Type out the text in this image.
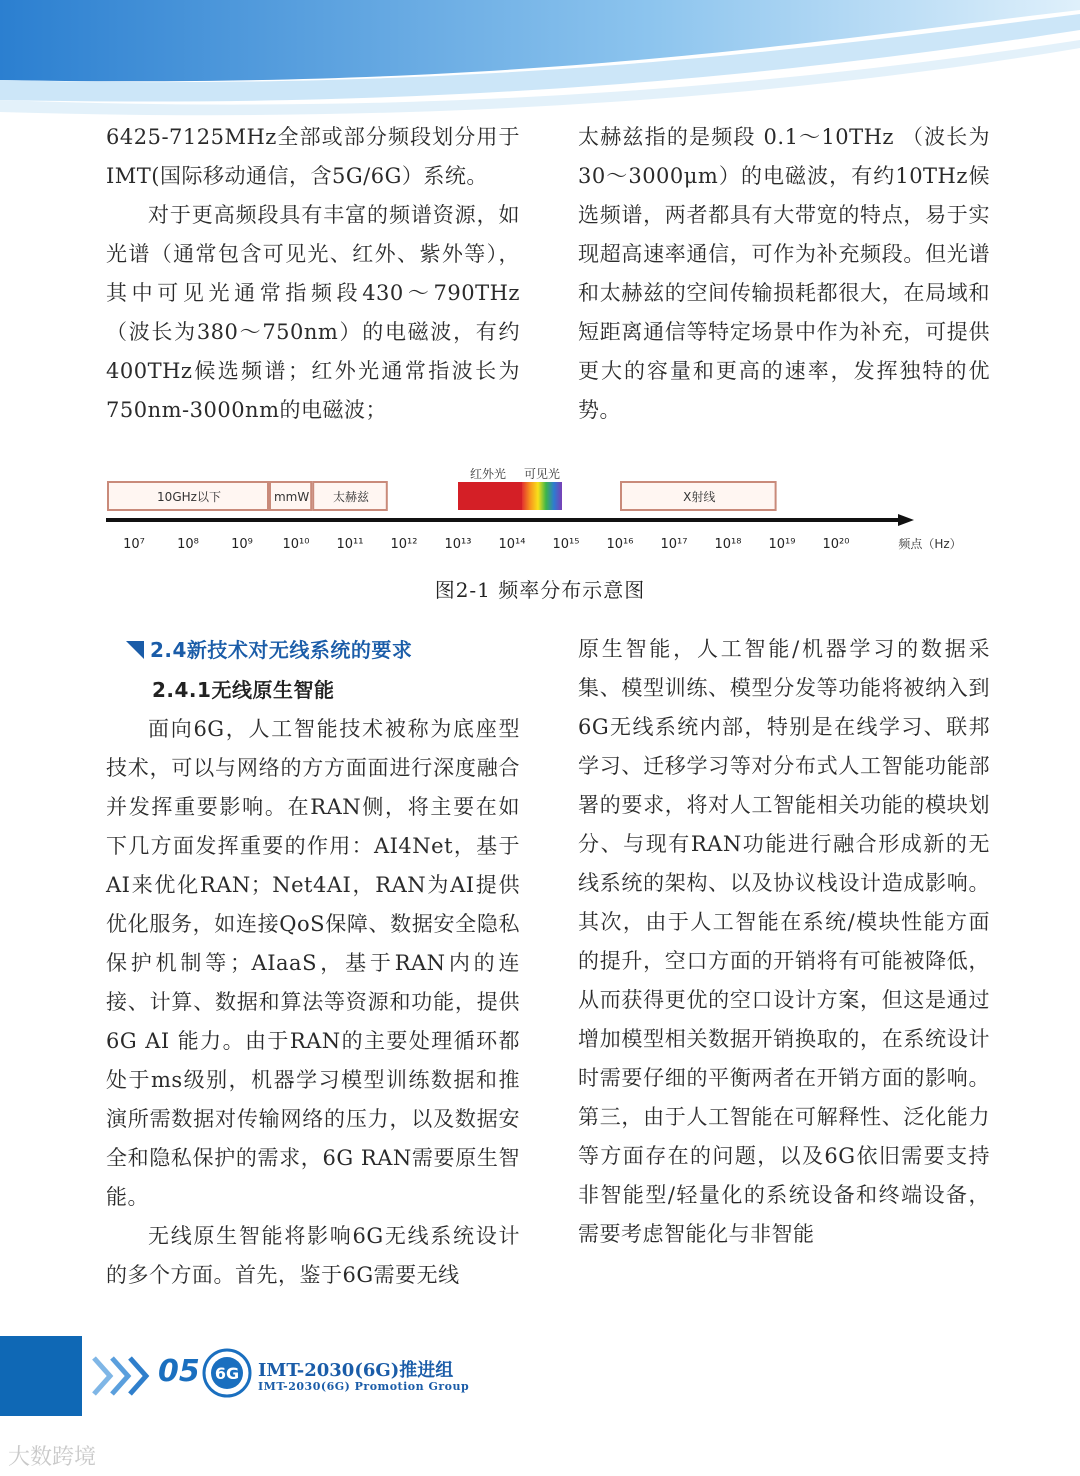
6425-7125MHz全部或部分频段划分用于IMT(国际移动通信，含5G/6G）系统。

对于更高频段具有丰富的频谱资源，如光谱（通常包含可见光、红外、紫外等），其中可见光通常指频段430～790THz （波长为380～750nm）的电磁波，有约400THz候选频谱；红外光通常指波长为750nm-3000nm的电磁波；

太赫兹指的是频段 0.1～10THz （波长为30～3000μm）的电磁波，有约10THz候选频谱，两者都具有大带宽的特点，易于实现超高速率通信，可作为补充频段。但光谱和太赫兹的空间传输损耗都很大，在局域和短距离通信等特定场景中作为补充，可提供更大的容量和更高的速率，发挥独特的优势。

10GHz以下	mmW 太赫兹	X射线
红外光 可见光
10⁷ 10⁸ 10⁹ 10¹⁰ 10¹¹ 10¹² 10¹³ 10¹⁴ 10¹⁵ 10¹⁶ 10¹⁷ 10¹⁸ 10¹⁹ 10²⁰	频点（Hz）
图2-1 频率分布示意图
2.4新技术对无线系统的要求
2.4.1无线原生智能

面向6G，人工智能技术被称为底座型技术，可以与网络的方方面面进行深度融合并发挥重要影响。在RAN侧，将主要在如下几方面发挥重要的作用：AI4Net，基于AI来优化RAN；Net4AI，RAN为AI提供优化服务，如连接QoS保障、数据安全隐私保护机制等；AIaaS，基于RAN内的连接、计算、数据和算法等资源和功能，提供6G AI 能力。由于RAN的主要处理循环都处于ms级别，机器学习模型训练数据和推演所需数据对传输网络的压力，以及数据安全和隐私保护的需求，6G RAN需要原生智能。

无线原生智能将影响6G无线系统设计的多个方面。首先，鉴于6G需要无线

原生智能，人工智能/机器学习的数据采集、模型训练、模型分发等功能将被纳入到6G无线系统内部，特别是在线学习、联邦学习、迁移学习等对分布式人工智能功能部署的要求，将对人工智能相关功能的模块划分、与现有RAN功能进行融合形成新的无线系统的架构、以及协议栈设计造成影响。其次，由于人工智能在系统/模块性能方面的提升，空口方面的开销将有可能被降低，从而获得更优的空口设计方案，但这是通过增加模型相关数据开销换取的，在系统设计时需要仔细的平衡两者在开销方面的影响。第三，由于人工智能在可解释性、泛化能力等方面存在的问题，以及6G依旧需要支持非智能型/轻量化的系统设备和终端设备，需要考虑智能化与非智能

05 6G IMT-2030(6G)推进组
IMT-2030(6G) Promotion Group
大数跨境
